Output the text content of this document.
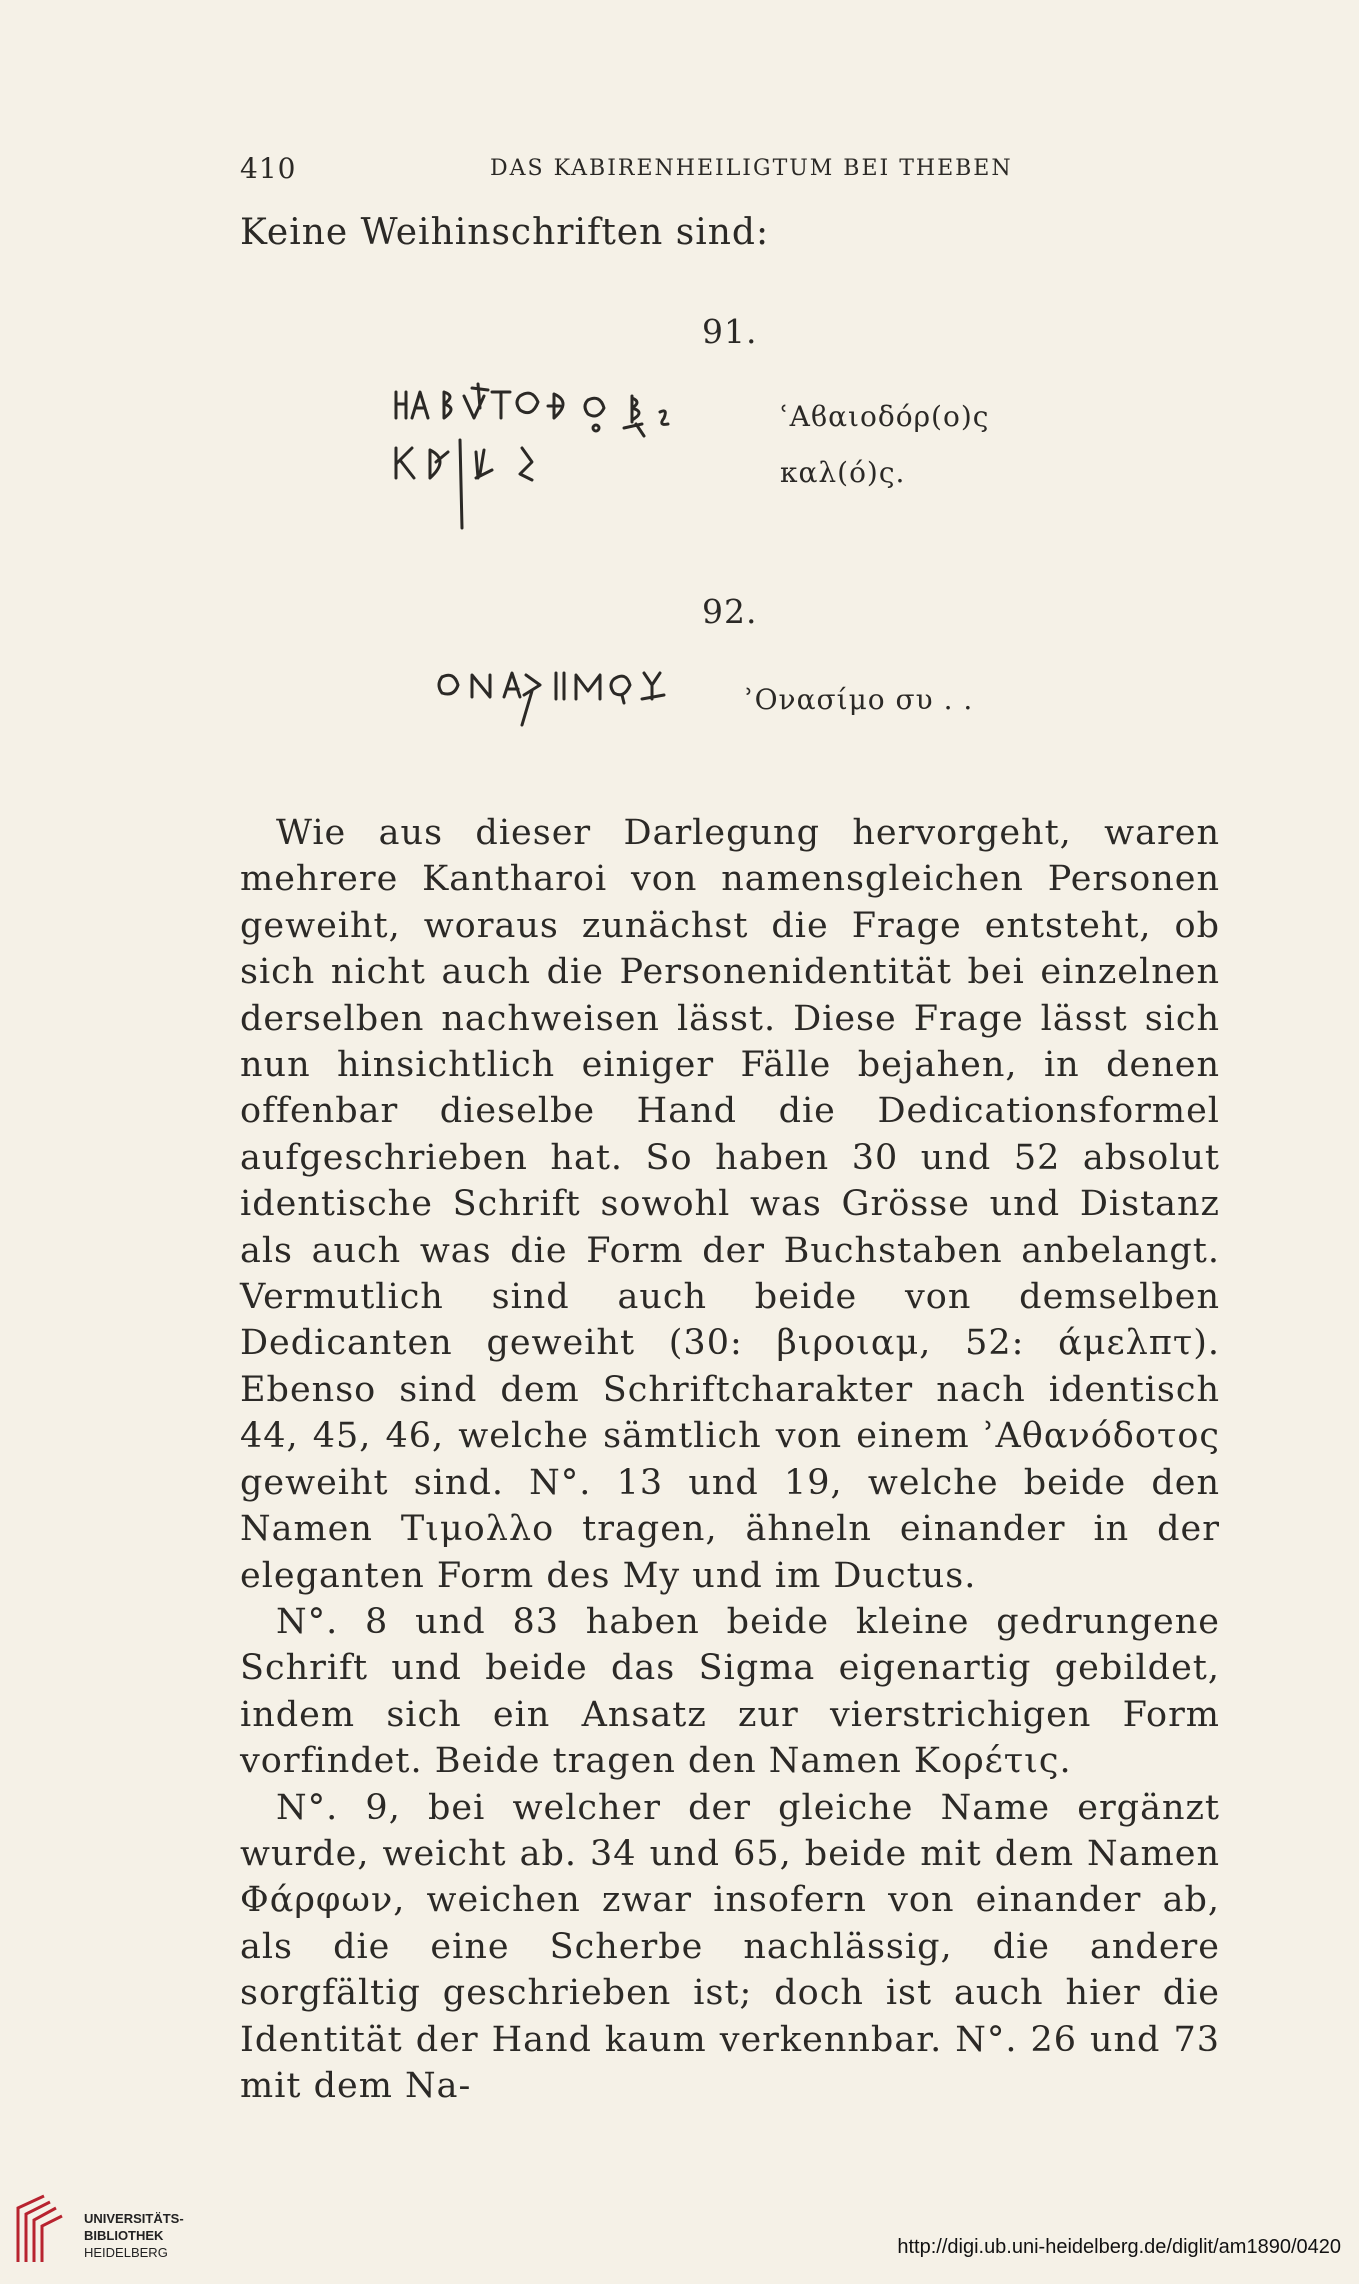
410	DAS KABIRENHEILIGTUM BEI THEBEN
Keine Weihinschriften sind:
91.
ʿΑϐαιοδόρ(ο)ς
καλ(ό)ς.
92.
ʾΟνασίμο συ . .

Wie aus dieser Darlegung hervorgeht, waren mehrere Kantharoi von namensgleichen Personen geweiht, woraus zunächst die Frage entsteht, ob sich nicht auch die Personenidentität bei einzelnen derselben nachweisen lässt. Diese Frage lässt sich nun hinsichtlich einiger Fälle bejahen, in denen offenbar dieselbe Hand die Dedicationsformel aufgeschrieben hat. So haben 30 und 52 absolut identische Schrift sowohl was Grösse und Distanz als auch was die Form der Buchstaben anbelangt. Vermutlich sind auch beide von demselben Dedicanten geweiht (30: βιροιαμ, 52: άμελπτ). Ebenso sind dem Schriftcharakter nach identisch 44, 45, 46, welche sämtlich von einem ʾΑθανόδοτος geweiht sind. N°. 13 und 19, welche beide den Namen Τιμολλο tragen, ähneln einander in der eleganten Form des My und im Ductus.

N°. 8 und 83 haben beide kleine gedrungene Schrift und beide das Sigma eigenartig gebildet, indem sich ein Ansatz zur vierstrichigen Form vorfindet. Beide tragen den Namen Κορέτις.

N°. 9, bei welcher der gleiche Name ergänzt wurde, weicht ab. 34 und 65, beide mit dem Namen Φάρφων, weichen zwar insofern von einander ab, als die eine Scherbe nachlässig, die andere sorgfältig geschrieben ist; doch ist auch hier die Identität der Hand kaum verkennbar. N°. 26 und 73 mit dem Na-

UNIVERSITÄTS-
BIBLIOTHEK
HEIDELBERG	http://digi.ub.uni-heidelberg.de/diglit/am1890/0420
